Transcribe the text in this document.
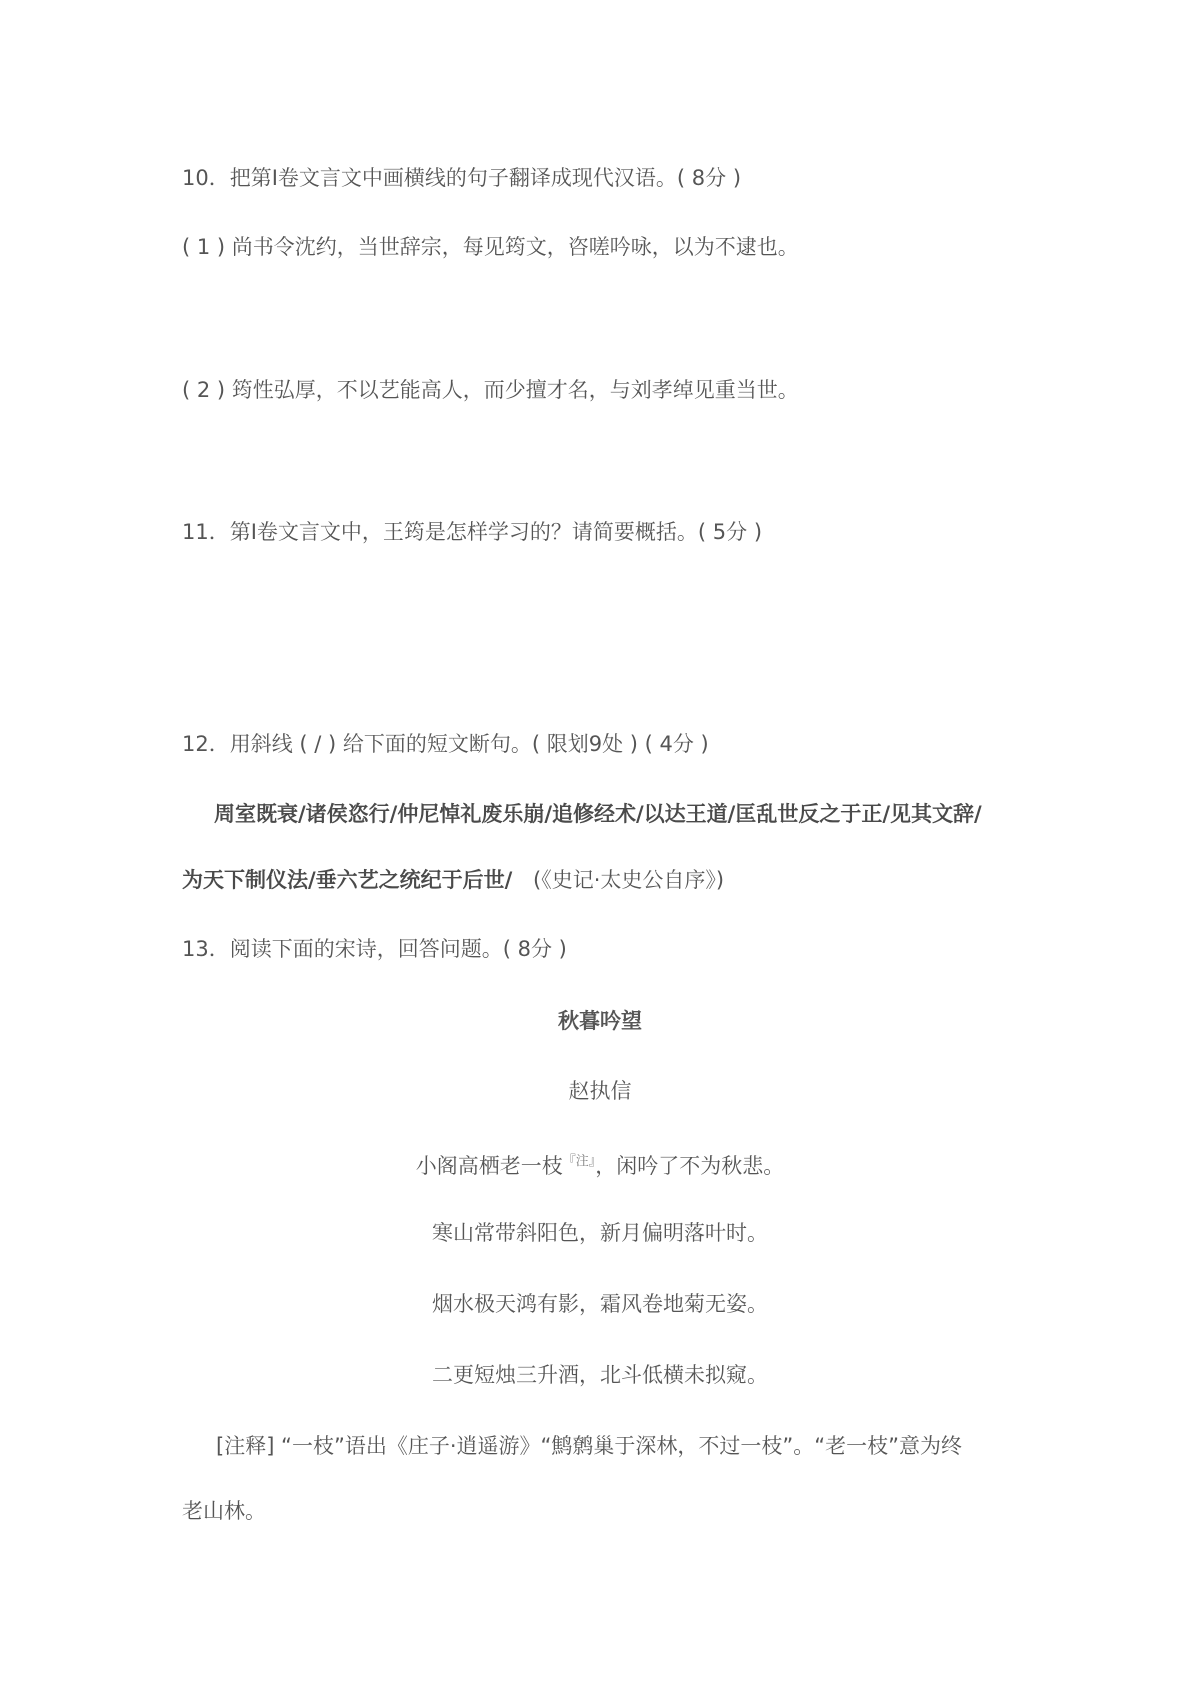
10．把第Ⅰ卷文言文中画横线的句子翻译成现代汉语。( 8分 )
( 1 ) 尚书令沈约，当世辞宗，每见筠文，咨嗟吟咏，以为不逮也。
( 2 ) 筠性弘厚，不以艺能高人，而少擅才名，与刘孝绰见重当世。
11．第Ⅰ卷文言文中，王筠是怎样学习的？请简要概括。( 5分 )
12．用斜线 ( / ) 给下面的短文断句。( 限划9处 ) ( 4分 )
周室既衰/诸侯恣行/仲尼悼礼废乐崩/追修经术/以达王道/匡乱世反之于正/见其文辞/
为天下制仪法/垂六艺之统纪于后世/ (《史记·太史公自序》)
13．阅读下面的宋诗，回答问题。( 8分 )
秋暮吟望
赵执信
小阁高栖老一枝$^{『注』}$，闲吟了不为秋悲。
寒山常带斜阳色，新月偏明落叶时。
烟水极天鸿有影，霜风卷地菊无姿。
二更短烛三升酒，北斗低横未拟窥。
[注释] “一枝”语出《庄子·逍遥游》“鹪鹩巢于深林，不过一枝”。“老一枝”意为终
老山林。
